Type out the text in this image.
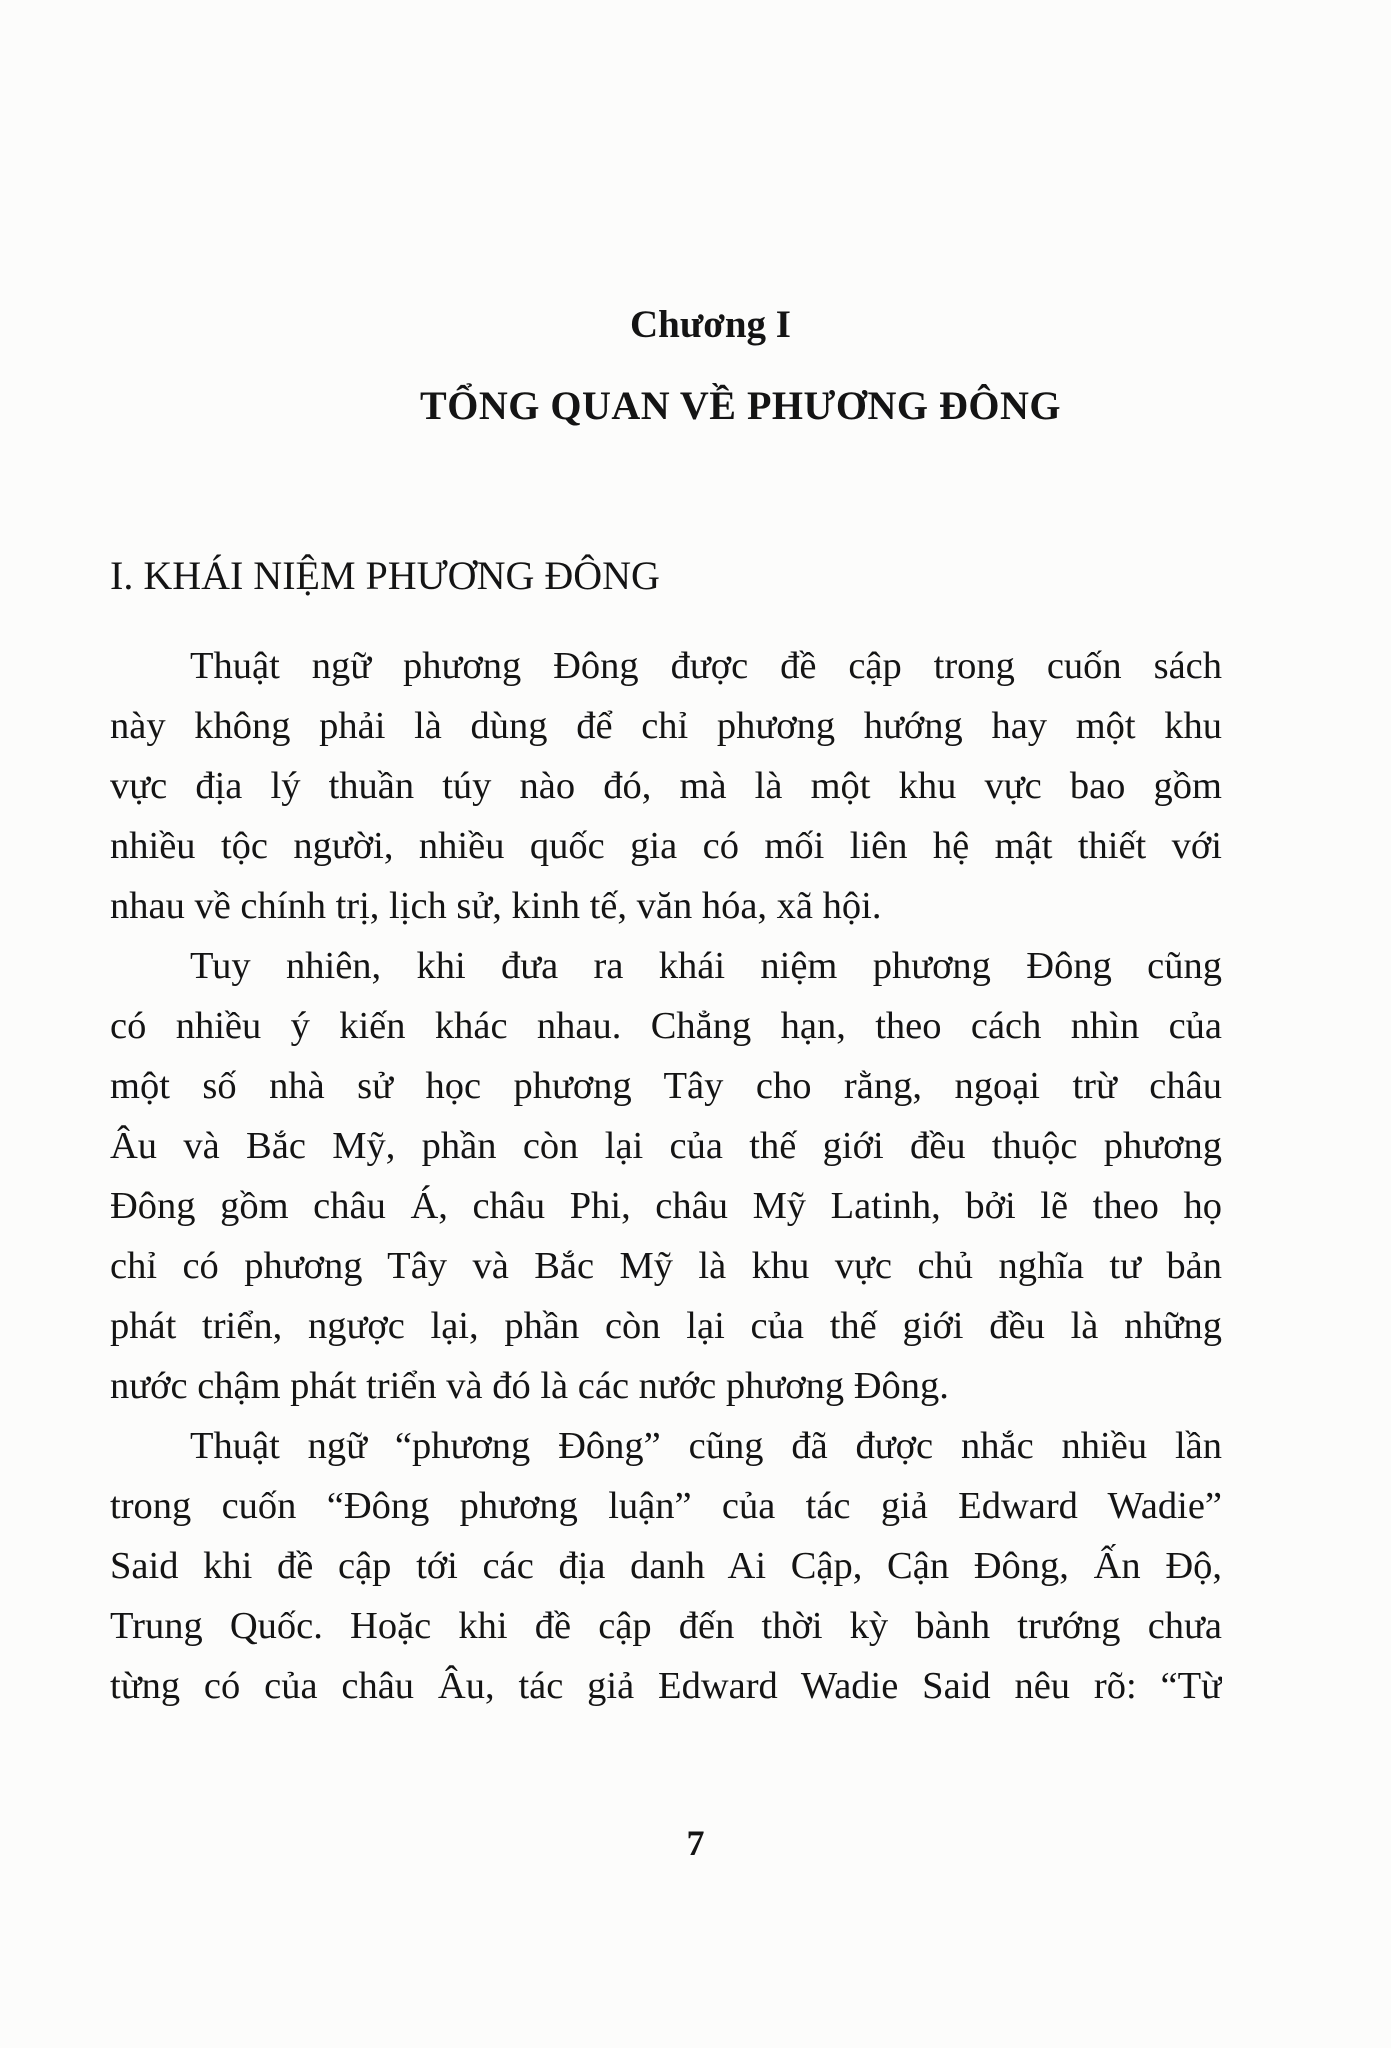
Chương I
TỔNG QUAN VỀ PHƯƠNG ĐÔNG
I. KHÁI NIỆM PHƯƠNG ĐÔNG
Thuật ngữ phương Đông được đề cập trong cuốn sách
này không phải là dùng để chỉ phương hướng hay một khu
vực địa lý thuần túy nào đó, mà là một khu vực bao gồm
nhiều tộc người, nhiều quốc gia có mối liên hệ mật thiết với
nhau về chính trị, lịch sử, kinh tế, văn hóa, xã hội.
Tuy nhiên, khi đưa ra khái niệm phương Đông cũng
có nhiều ý kiến khác nhau. Chẳng hạn, theo cách nhìn của
một số nhà sử học phương Tây cho rằng, ngoại trừ châu
Âu và Bắc Mỹ, phần còn lại của thế giới đều thuộc phương
Đông gồm châu Á, châu Phi, châu Mỹ Latinh, bởi lẽ theo họ
chỉ có phương Tây và Bắc Mỹ là khu vực chủ nghĩa tư bản
phát triển, ngược lại, phần còn lại của thế giới đều là những
nước chậm phát triển và đó là các nước phương Đông.
Thuật ngữ “phương Đông” cũng đã được nhắc nhiều lần
trong cuốn “Đông phương luận” của tác giả Edward Wadie”
Said khi đề cập tới các địa danh Ai Cập, Cận Đông, Ấn Độ,
Trung Quốc. Hoặc khi đề cập đến thời kỳ bành trướng chưa
từng có của châu Âu, tác giả Edward Wadie Said nêu rõ: “Từ
7
